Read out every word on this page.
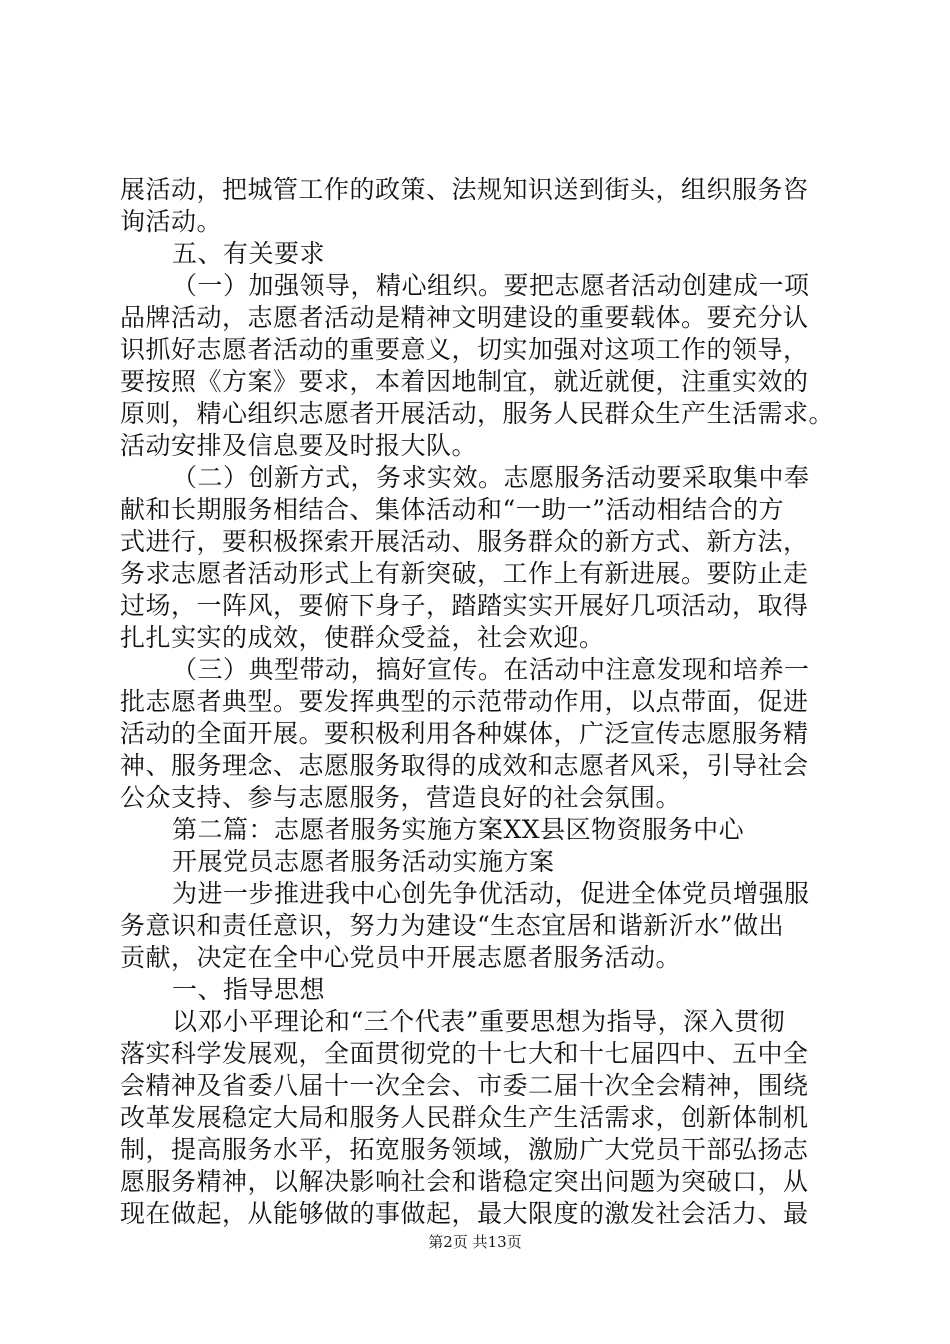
展活动，把城管工作的政策、法规知识送到街头，组织服务咨
询活动。
五、有关要求
（一）加强领导，精心组织。要把志愿者活动创建成一项
品牌活动，志愿者活动是精神文明建设的重要载体。要充分认
识抓好志愿者活动的重要意义，切实加强对这项工作的领导，
要按照《方案》要求，本着因地制宜，就近就便，注重实效的
原则，精心组织志愿者开展活动，服务人民群众生产生活需求。
活动安排及信息要及时报大队。
（二）创新方式，务求实效。志愿服务活动要采取集中奉
献和长期服务相结合、集体活动和“一助一”活动相结合的方
式进行，要积极探索开展活动、服务群众的新方式、新方法，
务求志愿者活动形式上有新突破，工作上有新进展。要防止走
过场，一阵风，要俯下身子，踏踏实实开展好几项活动，取得
扎扎实实的成效，使群众受益，社会欢迎。
（三）典型带动，搞好宣传。在活动中注意发现和培养一
批志愿者典型。要发挥典型的示范带动作用，以点带面，促进
活动的全面开展。要积极利用各种媒体，广泛宣传志愿服务精
神、服务理念、志愿服务取得的成效和志愿者风采，引导社会
公众支持、参与志愿服务，营造良好的社会氛围。
第二篇：志愿者服务实施方案XX县区物资服务中心
开展党员志愿者服务活动实施方案
为进一步推进我中心创先争优活动，促进全体党员增强服
务意识和责任意识，努力为建设“生态宜居和谐新沂水”做出
贡献，决定在全中心党员中开展志愿者服务活动。
一、指导思想
以邓小平理论和“三个代表”重要思想为指导，深入贯彻
落实科学发展观，全面贯彻党的十七大和十七届四中、五中全
会精神及省委八届十一次全会、市委二届十次全会精神，围绕
改革发展稳定大局和服务人民群众生产生活需求，创新体制机
制，提高服务水平，拓宽服务领域，激励广大党员干部弘扬志
愿服务精神，以解决影响社会和谐稳定突出问题为突破口，从
现在做起，从能够做的事做起，最大限度的激发社会活力、最
第2页 共13页
